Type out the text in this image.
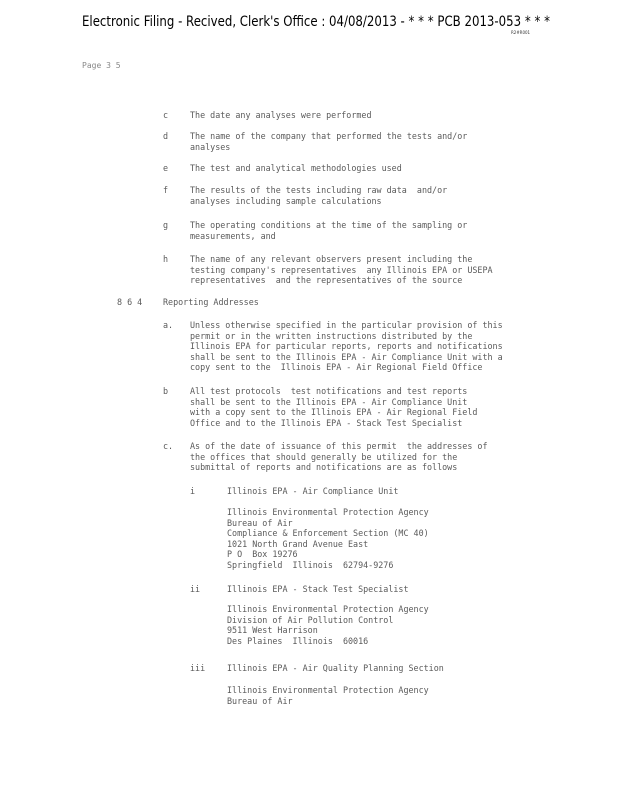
Electronic Filing - Recived, Clerk's Office : 04/08/2013 - * * * PCB 2013-053 * * *
R2#R001
Page 3 5
c	The date any analyses were performed
d	The name of the company that performed the tests and/or
analyses
e	The test and analytical methodologies used
f	The results of the tests including raw data  and/or
analyses including sample calculations
g	The operating conditions at the time of the sampling or
measurements, and
h	The name of any relevant observers present including the
testing company's representatives  any Illinois EPA or USEPA
representatives  and the representatives of the source
8 6 4 Reporting Addresses
a. Unless otherwise specified in the particular provision of this
permit or in the written instructions distributed by the
Illinois EPA for particular reports, reports and notifications
shall be sent to the Illinois EPA - Air Compliance Unit with a
copy sent to the  Illinois EPA - Air Regional Field Office
b	All test protocols  test notifications and test reports
shall be sent to the Illinois EPA - Air Compliance Unit
with a copy sent to the Illinois EPA - Air Regional Field
Office and to the Illinois EPA - Stack Test Specialist
c. As of the date of issuance of this permit  the addresses of
the offices that should generally be utilized for the
submittal of reports and notifications are as follows
i	Illinois EPA - Air Compliance Unit
Illinois Environmental Protection Agency
Bureau of Air
Compliance & Enforcement Section (MC 40)
1021 North Grand Avenue East
P O  Box 19276
Springfield  Illinois  62794-9276
ii	Illinois EPA - Stack Test Specialist
Illinois Environmental Protection Agency
Division of Air Pollution Control
9511 West Harrison
Des Plaines  Illinois  60016
iii	Illinois EPA - Air Quality Planning Section
Illinois Environmental Protection Agency
Bureau of Air
